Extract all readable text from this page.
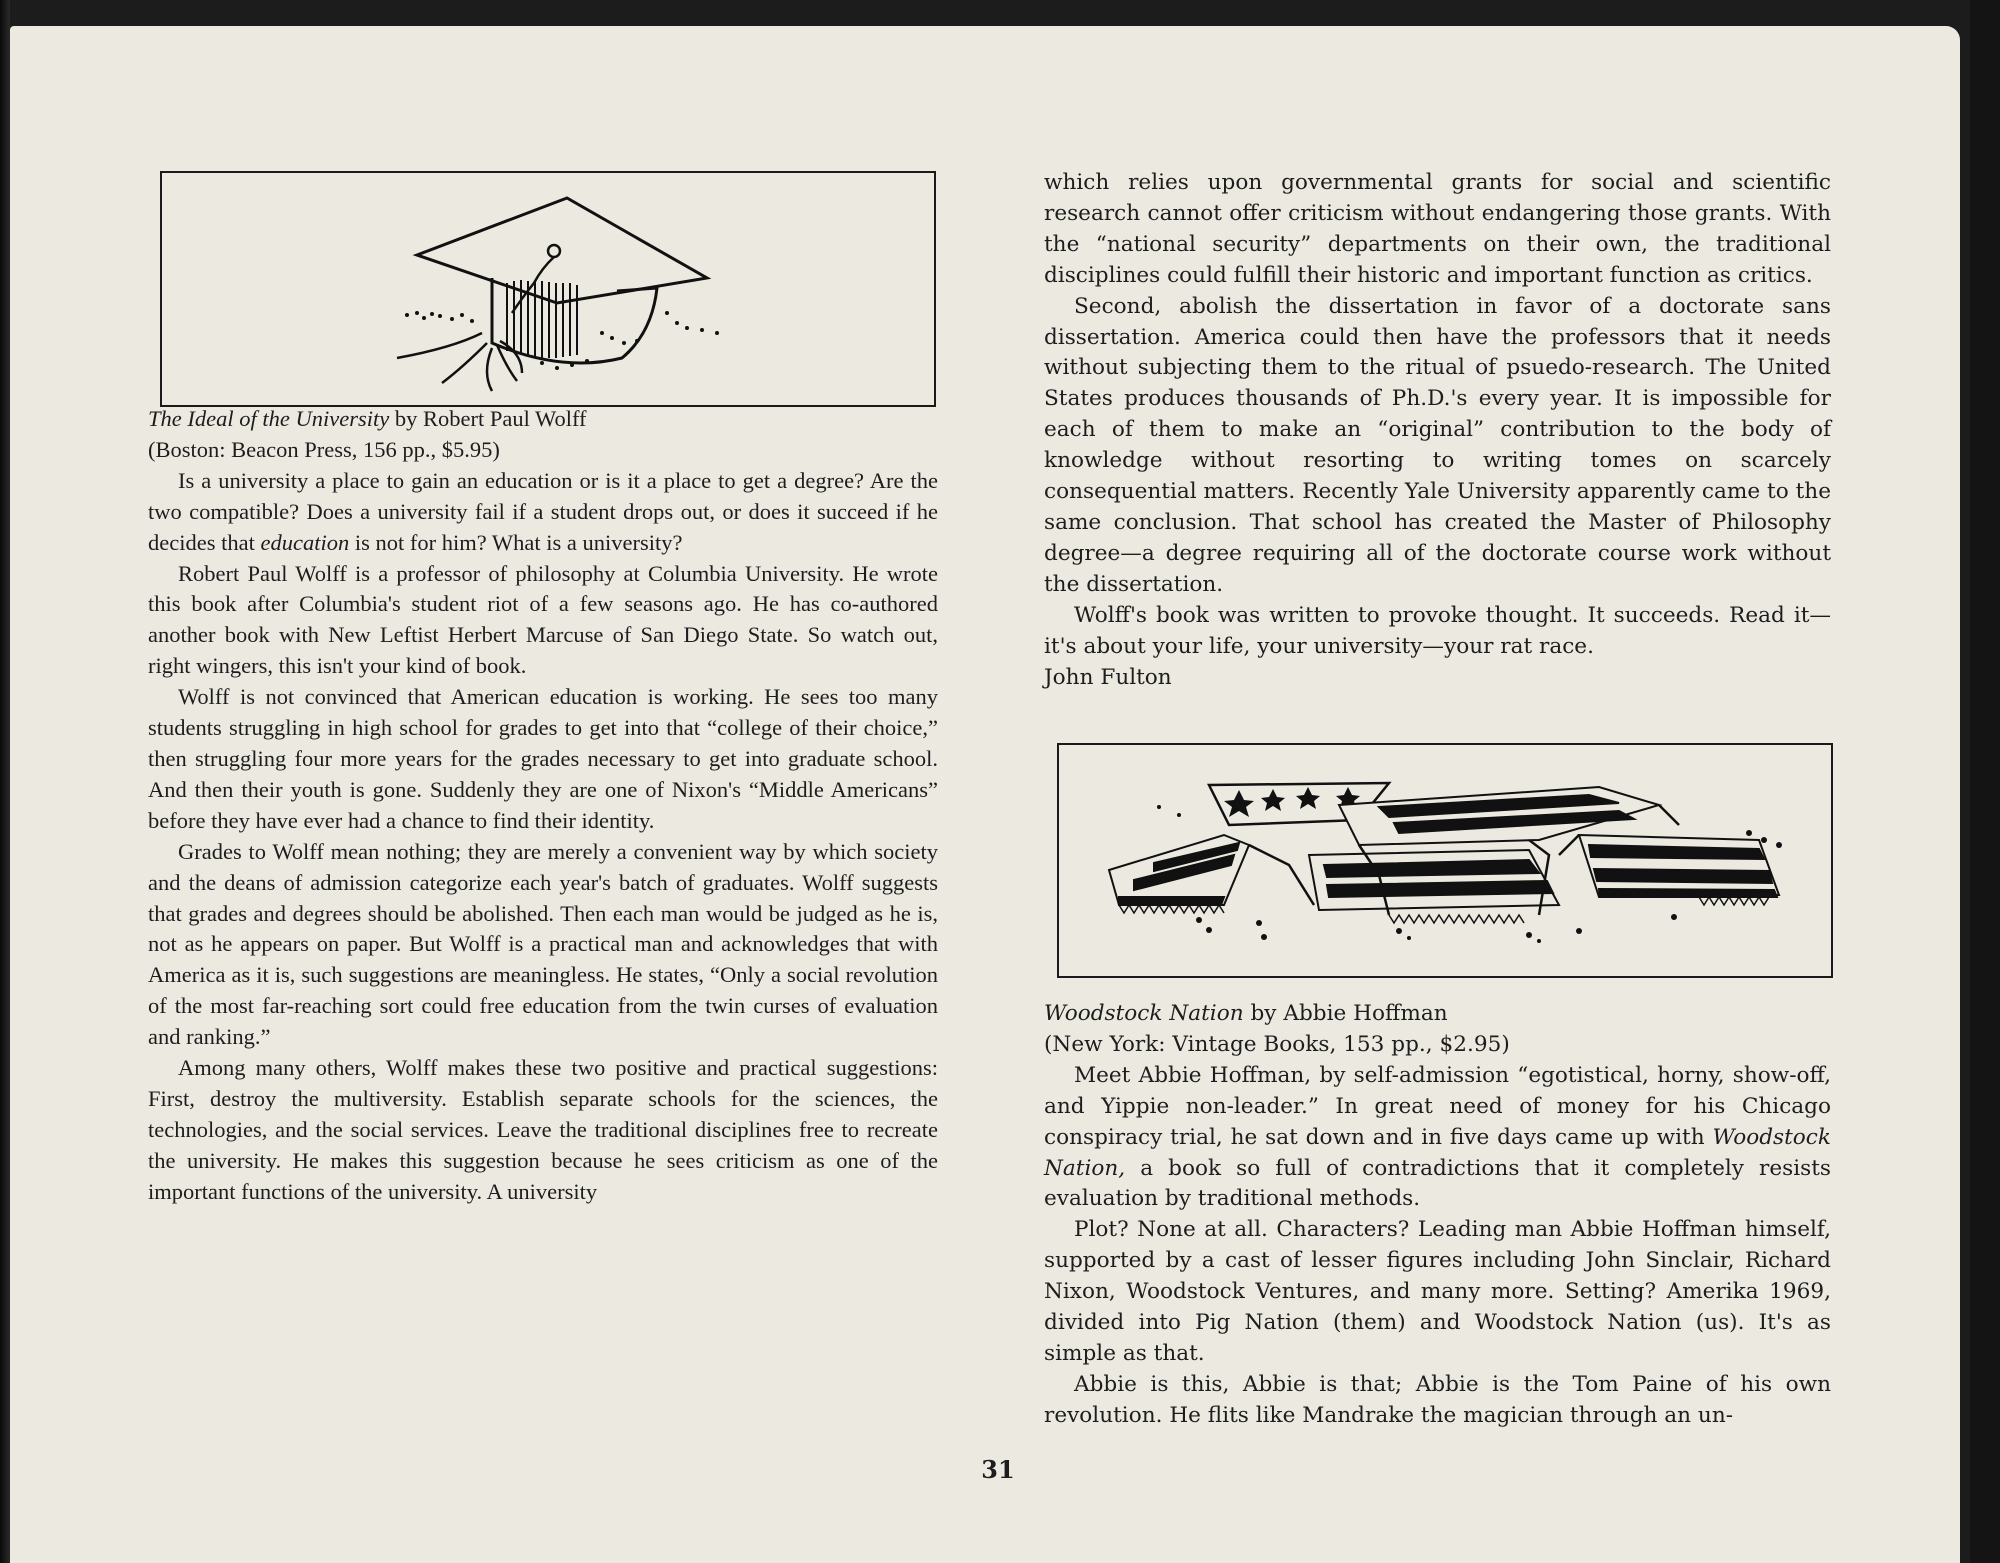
The Ideal of the University by Robert Paul Wolff

(Boston: Beacon Press, 156 pp., $5.95)

Is a university a place to gain an education or is it a place to get a degree? Are the two compatible? Does a university fail if a student drops out, or does it succeed if he decides that education is not for him? What is a university?

Robert Paul Wolff is a professor of philosophy at Columbia University. He wrote this book after Columbia's student riot of a few seasons ago. He has co-authored another book with New Leftist Herbert Marcuse of San Diego State. So watch out, right wingers, this isn't your kind of book.

Wolff is not convinced that American education is working. He sees too many students struggling in high school for grades to get into that “college of their choice,” then struggling four more years for the grades necessary to get into graduate school. And then their youth is gone. Suddenly they are one of Nixon's “Middle Americans” before they have ever had a chance to find their identity.

Grades to Wolff mean nothing; they are merely a convenient way by which society and the deans of admission categorize each year's batch of graduates. Wolff suggests that grades and degrees should be abolished. Then each man would be judged as he is, not as he appears on paper. But Wolff is a practical man and acknowledges that with America as it is, such suggestions are meaningless. He states, “Only a social revolution of the most far-reaching sort could free education from the twin curses of evaluation and ranking.”

Among many others, Wolff makes these two positive and practical suggestions: First, destroy the multiversity. Establish separate schools for the sciences, the technologies, and the social services. Leave the traditional disciplines free to recreate the university. He makes this suggestion because he sees criticism as one of the important functions of the university. A university

which relies upon governmental grants for social and scientific research cannot offer criticism without endangering those grants. With the “national security” departments on their own, the traditional disciplines could fulfill their historic and important function as critics.

Second, abolish the dissertation in favor of a doctorate sans dissertation. America could then have the professors that it needs without subjecting them to the ritual of psuedo-research. The United States produces thousands of Ph.D.'s every year. It is impossible for each of them to make an “original” contribution to the body of knowledge without resorting to writing tomes on scarcely consequential matters. Recently Yale University apparently came to the same conclusion. That school has created the Master of Philosophy degree—a degree requiring all of the doctorate course work without the dissertation.

Wolff's book was written to provoke thought. It succeeds. Read it—it's about your life, your university—your rat race.

John Fulton

Woodstock Nation by Abbie Hoffman

(New York: Vintage Books, 153 pp., $2.95)

Meet Abbie Hoffman, by self-admission “egotistical, horny, show-off, and Yippie non-leader.” In great need of money for his Chicago conspiracy trial, he sat down and in five days came up with Woodstock Nation, a book so full of contradictions that it completely resists evaluation by traditional methods.

Plot? None at all. Characters? Leading man Abbie Hoffman himself, supported by a cast of lesser figures including John Sinclair, Richard Nixon, Woodstock Ventures, and many more. Setting? Amerika 1969, divided into Pig Nation (them) and Woodstock Nation (us). It's as simple as that.

Abbie is this, Abbie is that; Abbie is the Tom Paine of his own revolution. He flits like Mandrake the magician through an un-

31
